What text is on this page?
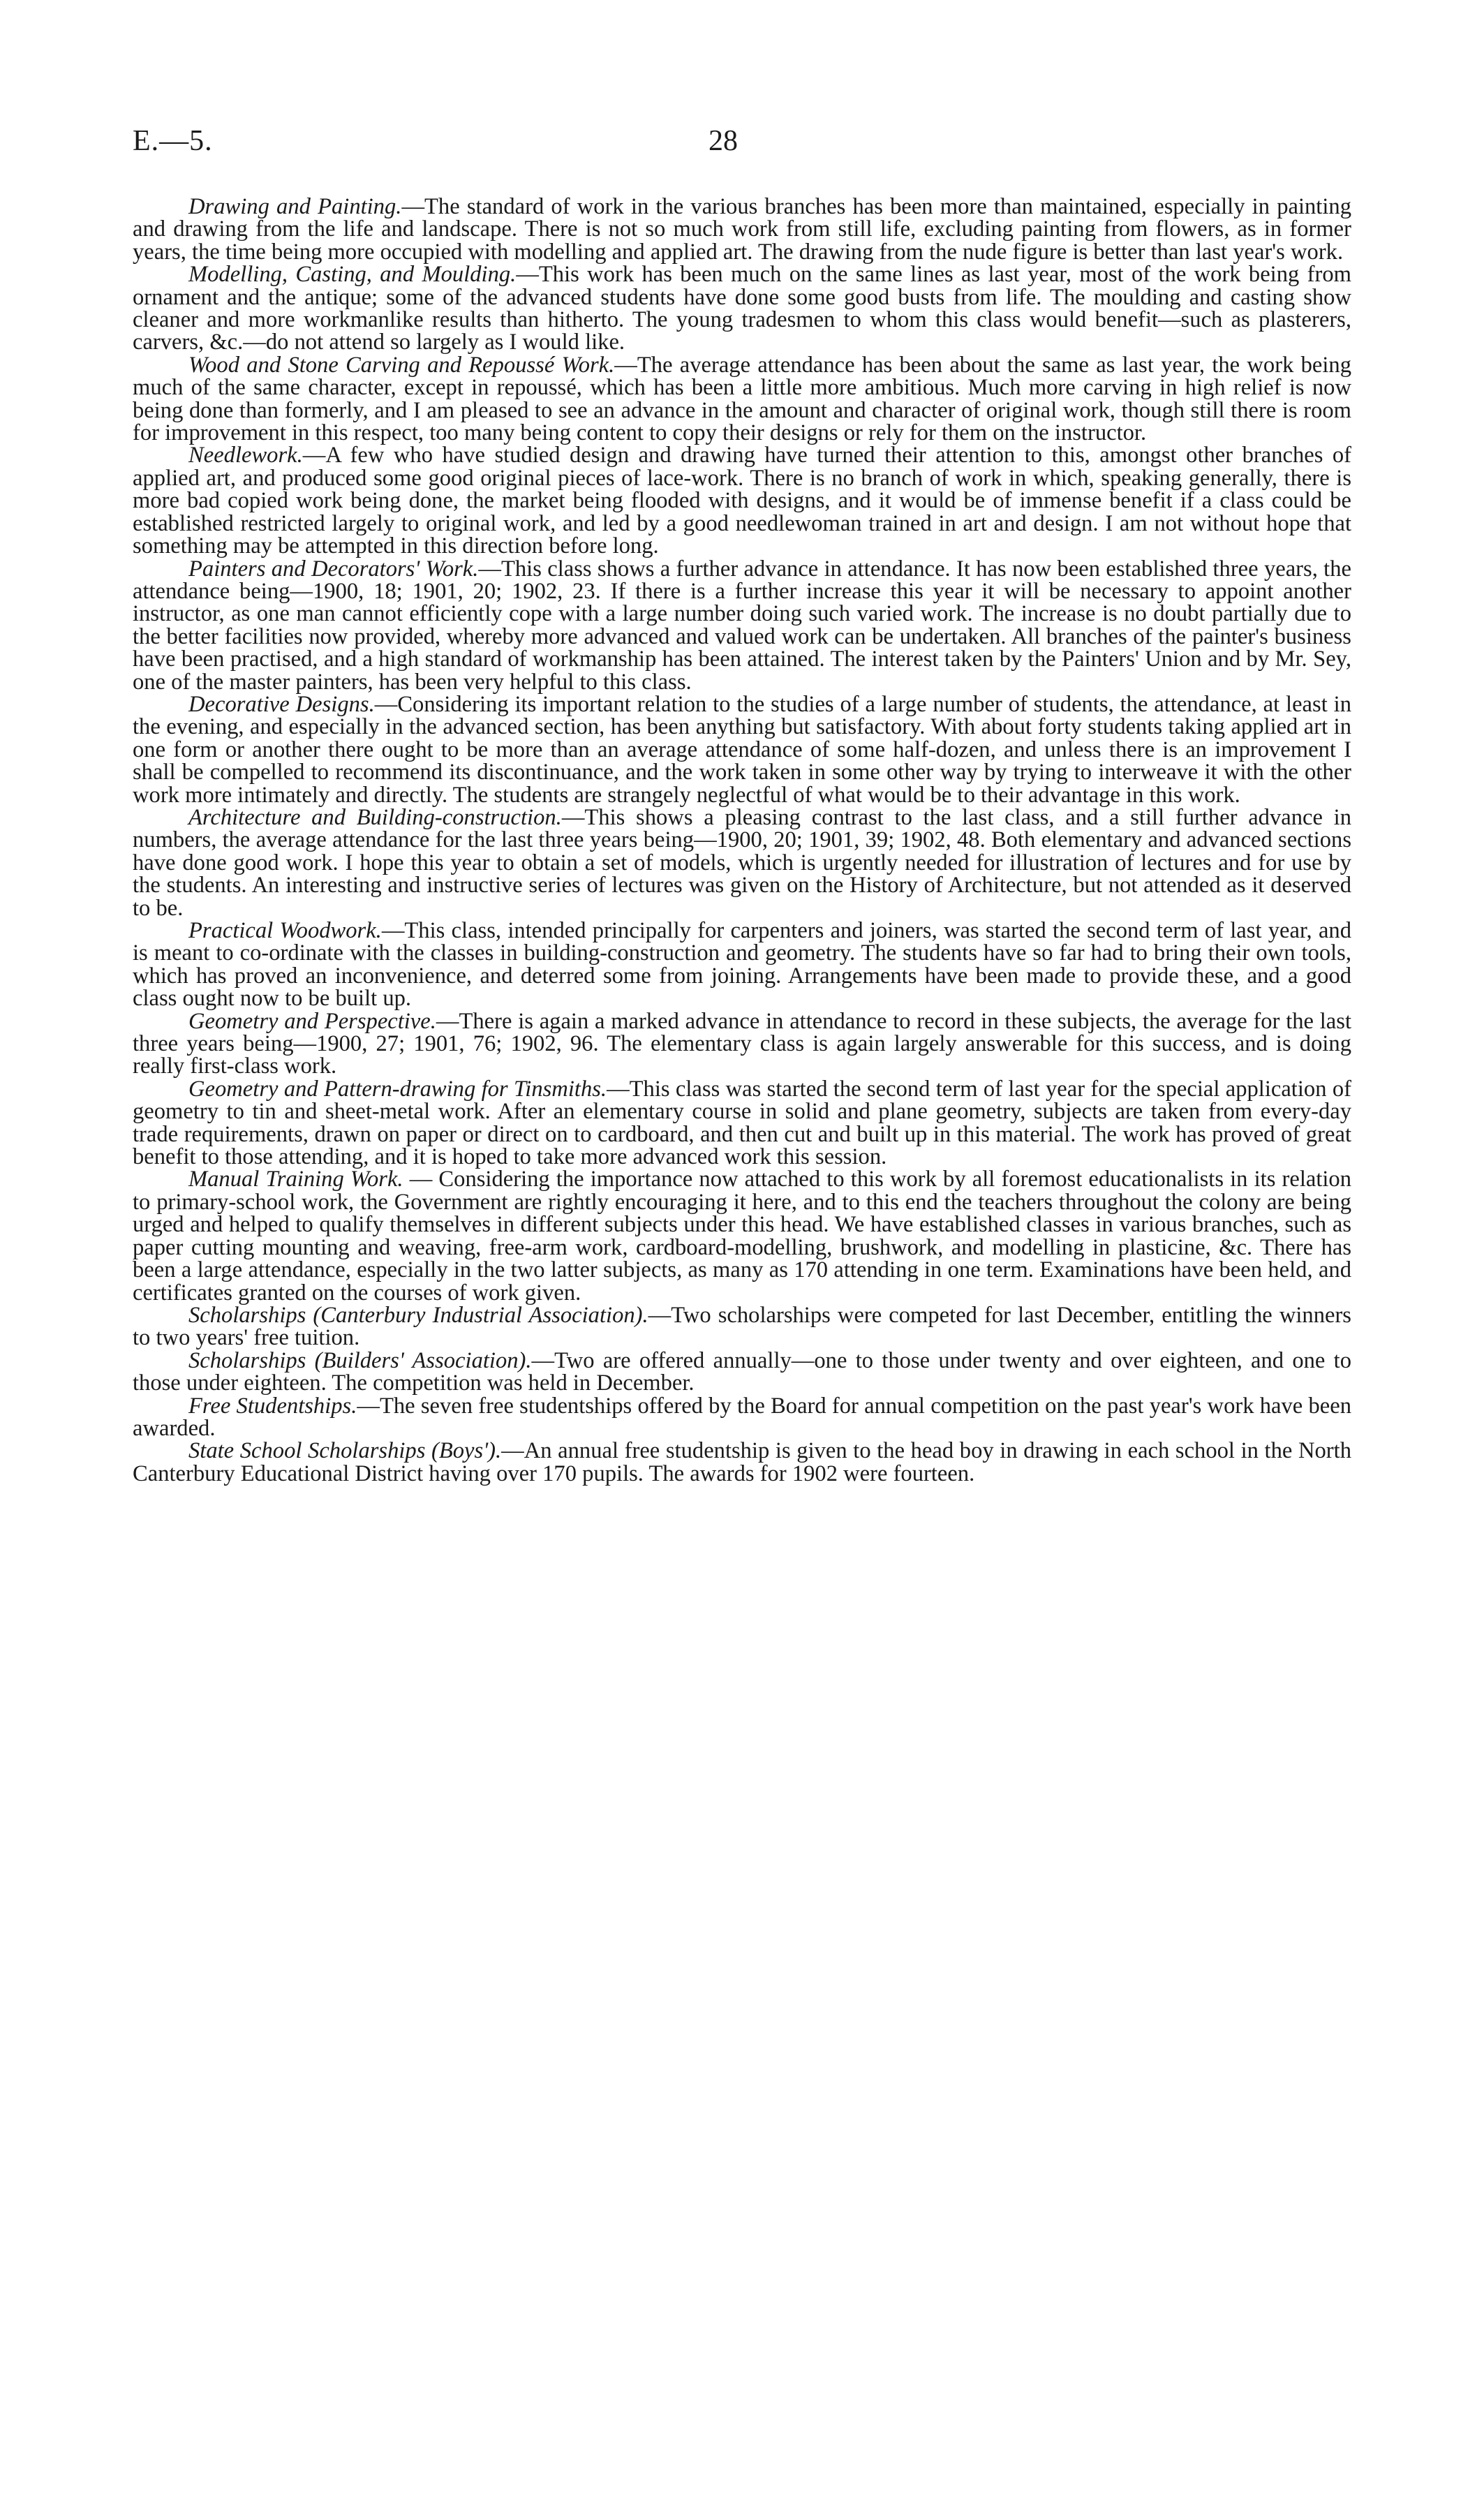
E.—5.	28

Drawing and Painting.—The standard of work in the various branches has been more than maintained, especially in painting and drawing from the life and landscape. There is not so much work from still life, excluding painting from flowers, as in former years, the time being more occupied with modelling and applied art. The drawing from the nude figure is better than last year's work.

Modelling, Casting, and Moulding.—This work has been much on the same lines as last year, most of the work being from ornament and the antique; some of the advanced students have done some good busts from life. The moulding and casting show cleaner and more workmanlike results than hitherto. The young tradesmen to whom this class would benefit—such as plasterers, carvers, &c.—do not attend so largely as I would like.

Wood and Stone Carving and Repoussé Work.—The average attendance has been about the same as last year, the work being much of the same character, except in repoussé, which has been a little more ambitious. Much more carving in high relief is now being done than formerly, and I am pleased to see an advance in the amount and character of original work, though still there is room for improvement in this respect, too many being content to copy their designs or rely for them on the instructor.

Needlework.—A few who have studied design and drawing have turned their attention to this, amongst other branches of applied art, and produced some good original pieces of lace-work. There is no branch of work in which, speaking generally, there is more bad copied work being done, the market being flooded with designs, and it would be of immense benefit if a class could be established restricted largely to original work, and led by a good needlewoman trained in art and design. I am not without hope that something may be attempted in this direction before long.

Painters and Decorators' Work.—This class shows a further advance in attendance. It has now been established three years, the attendance being—1900, 18; 1901, 20; 1902, 23. If there is a further increase this year it will be necessary to appoint another instructor, as one man cannot efficiently cope with a large number doing such varied work. The increase is no doubt partially due to the better facilities now provided, whereby more advanced and valued work can be undertaken. All branches of the painter's business have been practised, and a high standard of workmanship has been attained. The interest taken by the Painters' Union and by Mr. Sey, one of the master painters, has been very helpful to this class.

Decorative Designs.—Considering its important relation to the studies of a large number of students, the attendance, at least in the evening, and especially in the advanced section, has been anything but satisfactory. With about forty students taking applied art in one form or another there ought to be more than an average attendance of some half-dozen, and unless there is an improvement I shall be compelled to recommend its discontinuance, and the work taken in some other way by trying to interweave it with the other work more intimately and directly. The students are strangely neglectful of what would be to their advantage in this work.

Architecture and Building-construction.—This shows a pleasing contrast to the last class, and a still further advance in numbers, the average attendance for the last three years being—1900, 20; 1901, 39; 1902, 48. Both elementary and advanced sections have done good work. I hope this year to obtain a set of models, which is urgently needed for illustration of lectures and for use by the students. An interesting and instructive series of lectures was given on the History of Architecture, but not attended as it deserved to be.

Practical Woodwork.—This class, intended principally for carpenters and joiners, was started the second term of last year, and is meant to co-ordinate with the classes in building-construction and geometry. The students have so far had to bring their own tools, which has proved an inconvenience, and deterred some from joining. Arrangements have been made to provide these, and a good class ought now to be built up.

Geometry and Perspective.—There is again a marked advance in attendance to record in these subjects, the average for the last three years being—1900, 27; 1901, 76; 1902, 96. The elementary class is again largely answerable for this success, and is doing really first-class work.

Geometry and Pattern-drawing for Tinsmiths.—This class was started the second term of last year for the special application of geometry to tin and sheet-metal work. After an elementary course in solid and plane geometry, subjects are taken from every-day trade requirements, drawn on paper or direct on to cardboard, and then cut and built up in this material. The work has proved of great benefit to those attending, and it is hoped to take more advanced work this session.

Manual Training Work. — Considering the importance now attached to this work by all foremost educationalists in its relation to primary-school work, the Government are rightly encouraging it here, and to this end the teachers throughout the colony are being urged and helped to qualify themselves in different subjects under this head. We have established classes in various branches, such as paper cutting mounting and weaving, free-arm work, cardboard-modelling, brushwork, and modelling in plasticine, &c. There has been a large attendance, especially in the two latter subjects, as many as 170 attending in one term. Examinations have been held, and certificates granted on the courses of work given.

Scholarships (Canterbury Industrial Association).—Two scholarships were competed for last December, entitling the winners to two years' free tuition.

Scholarships (Builders' Association).—Two are offered annually—one to those under twenty and over eighteen, and one to those under eighteen. The competition was held in December.

Free Studentships.—The seven free studentships offered by the Board for annual competition on the past year's work have been awarded.

State School Scholarships (Boys').—An annual free studentship is given to the head boy in drawing in each school in the North Canterbury Educational District having over 170 pupils. The awards for 1902 were fourteen.
